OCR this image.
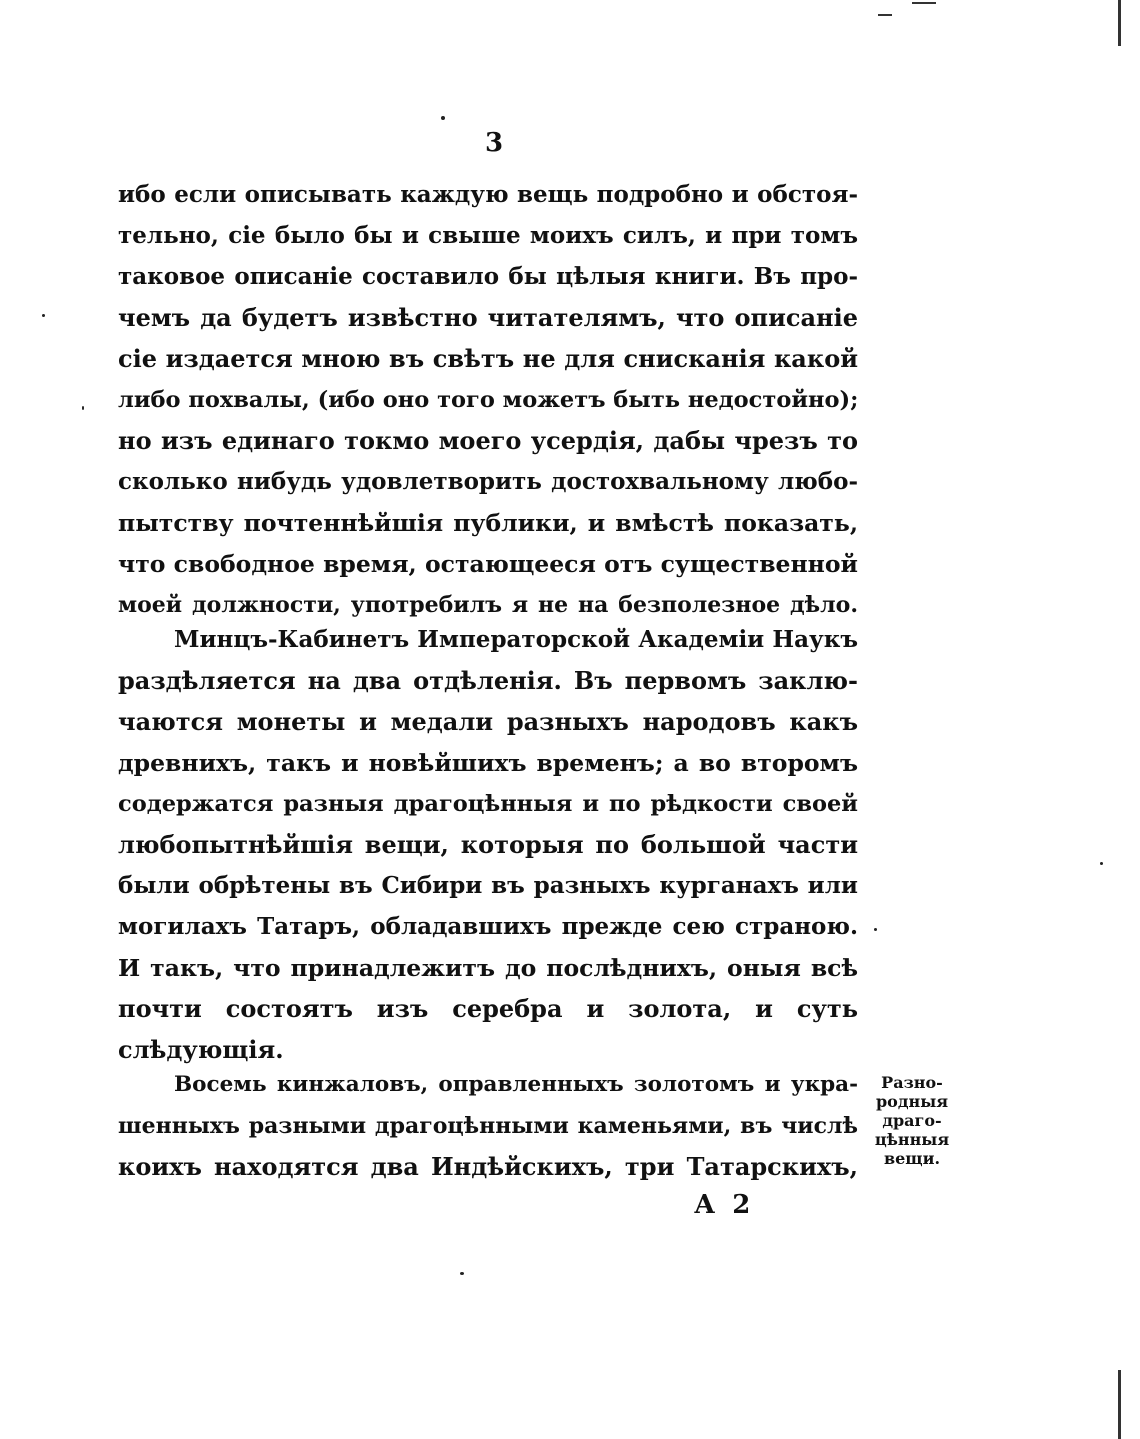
3
ибо если описывать каждую вещь подробно и обстоя-
тельно, сіе было бы и свыше моихъ силъ, и при томъ
таковое описаніе составило бы цѣлыя книги. Въ про-
чемъ да будетъ извѣстно читателямъ, что описаніе
сіе издается мною въ свѣтъ не для снисканія какой
либо похвалы, (ибо оно того можетъ быть недостойно);
но изъ единаго токмо моего усердія, дабы чрезъ то
сколько нибудь удовлетворить достохвальному любо-
пытству почтеннѣйшія публики, и вмѣстѣ показать,
что свободное время, остающееся отъ существенной
моей должности, употребилъ я не на безполезное дѣло.
Минцъ-Кабинетъ Императорской Академіи Наукъ
раздѣляется на два отдѣленія. Въ первомъ заклю-
чаются монеты и медали разныхъ народовъ какъ
древнихъ, такъ и новѣйшихъ временъ; а во второмъ
содержатся разныя драгоцѣнныя и по рѣдкости своей
любопытнѣйшія вещи, которыя по большой части
были обрѣтены въ Сибири въ разныхъ курганахъ или
могилахъ Татаръ, обладавшихъ прежде сею страною.
И такъ, что принадлежитъ до послѣднихъ, оныя всѣ
почти состоятъ изъ серебра и золота, и суть
слѣдующія.
Восемь кинжаловъ, оправленныхъ золотомъ и укра-
шенныхъ разными драгоцѣнными каменьями, въ числѣ
коихъ находятся два Индѣйскихъ, три Татарскихъ,
Разно-
родныя
драго-
цѣнныя
вещи.
А 2
